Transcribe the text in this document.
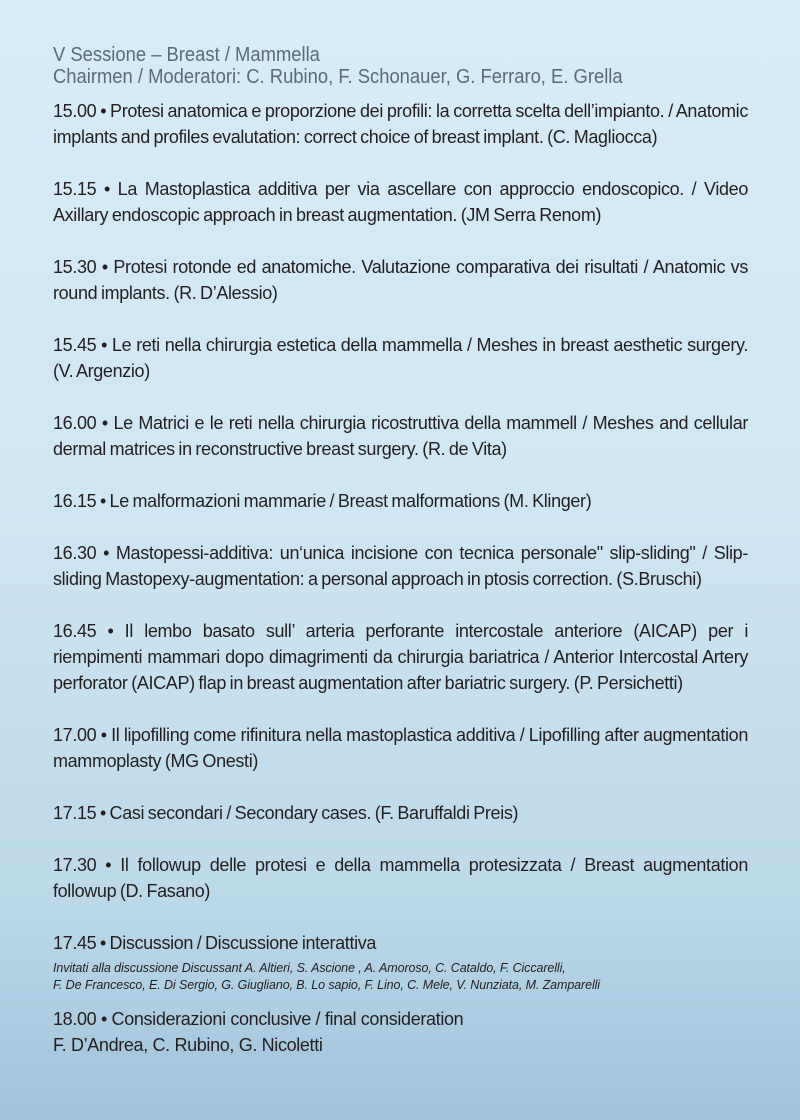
V Sessione – Breast / Mammella
Chairmen / Moderatori: C. Rubino, F. Schonauer, G. Ferraro, E. Grella

15.00 • Protesi anatomica e proporzione dei profili: la corretta scelta dell’impianto. / Anatomic implants and profiles evalutation: correct choice of breast implant. (C. Magliocca)

15.15 • La Mastoplastica additiva per via ascellare con approccio endoscopico. / Video Axillary endoscopic approach in breast augmentation. (JM Serra Renom)

15.30 • Protesi rotonde ed anatomiche. Valutazione comparativa dei risultati / Anatomic vs round implants. (R. D’Alessio)

15.45 • Le reti nella chirurgia estetica della mammella / Meshes in breast aesthetic surgery. (V. Argenzio)

16.00 • Le Matrici e le reti nella chirurgia ricostruttiva della mammell / Meshes and cellular dermal matrices in reconstructive breast surgery. (R. de Vita)

16.15 • Le malformazioni mammarie / Breast malformations (M. Klinger)

16.30 • Mastopessi-additiva: un‘unica incisione con tecnica personale" slip-sliding" / Slip-sliding Mastopexy-augmentation: a personal approach in ptosis correction. (S.Bruschi)

16.45 • Il lembo basato sull’ arteria perforante intercostale anteriore (AICAP) per i riempimenti mammari dopo dimagrimenti da chirurgia bariatrica / Anterior Intercostal Artery perforator (AICAP) flap in breast augmentation after bariatric surgery. (P. Persichetti)

17.00 • Il lipofilling come rifinitura nella mastoplastica additiva / Lipofilling after augmentation mammoplasty (MG Onesti)

17.15 • Casi secondari / Secondary cases. (F. Baruffaldi Preis)

17.30 • Il followup delle protesi e della mammella protesizzata / Breast augmentation followup (D. Fasano)

17.45 • Discussion / Discussione interattiva

Invitati alla discussione Discussant A. Altieri, S. Ascione , A. Amoroso, C. Cataldo, F. Ciccarelli,
F. De Francesco, E. Di Sergio, G. Giugliano, B. Lo sapio, F. Lino, C. Mele, V. Nunziata, M. Zamparelli
18.00 • Considerazioni conclusive / final consideration
F. D’Andrea, C. Rubino, G. Nicoletti
